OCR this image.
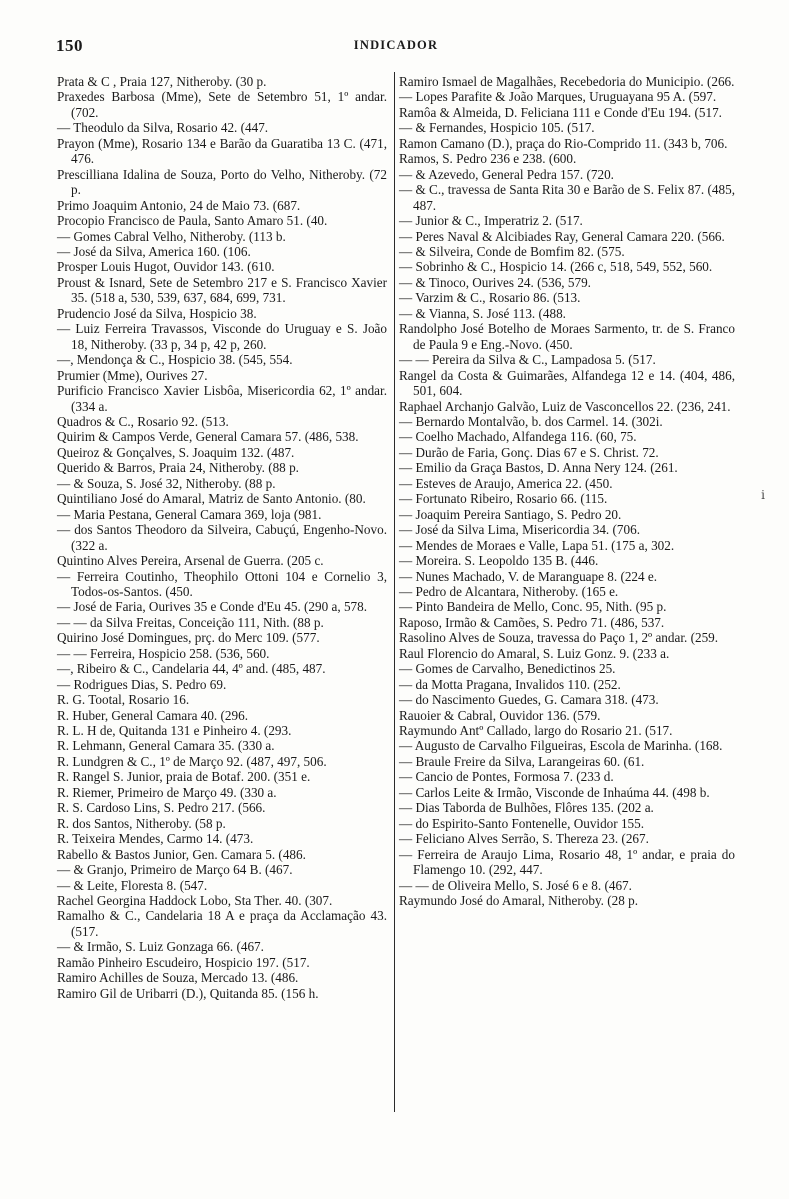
150	INDICADOR

Prata & C , Praia 127, Nitheroby. (30 p.

Praxedes Barbosa (Mme), Sete de Setembro 51, 1º andar. (702.

— Theodulo da Silva, Rosario 42. (447.

Prayon (Mme), Rosario 134 e Barão da Guaratiba 13 C. (471, 476.

Prescilliana Idalina de Souza, Porto do Velho, Nitheroby. (72 p.

Primo Joaquim Antonio, 24 de Maio 73. (687.

Procopio Francisco de Paula, Santo Amaro 51. (40.

— Gomes Cabral Velho, Nitheroby. (113 b.

— José da Silva, America 160. (106.

Prosper Louis Hugot, Ouvidor 143. (610.

Proust & Isnard, Sete de Setembro 217 e S. Francisco Xavier 35. (518 a, 530, 539, 637, 684, 699, 731.

Prudencio José da Silva, Hospicio 38.

— Luiz Ferreira Travassos, Visconde do Uruguay e S. João 18, Nitheroby. (33 p, 34 p, 42 p, 260.

—, Mendonça & C., Hospicio 38. (545, 554.

Prumier (Mme), Ourives 27.

Purificio Francisco Xavier Lisbôa, Misericordia 62, 1º andar. (334 a.

Quadros & C., Rosario 92. (513.

Quirim & Campos Verde, General Camara 57. (486, 538.

Queiroz & Gonçalves, S. Joaquim 132. (487.

Querido & Barros, Praia 24, Nitheroby. (88 p.

— & Souza, S. José 32, Nitheroby. (88 p.

Quintiliano José do Amaral, Matriz de Santo Antonio. (80.

— Maria Pestana, General Camara 369, loja (981.

— dos Santos Theodoro da Silveira, Cabuçú, Engenho-Novo. (322 a.

Quintino Alves Pereira, Arsenal de Guerra. (205 c.

— Ferreira Coutinho, Theophilo Ottoni 104 e Cornelio 3, Todos-os-Santos. (450.

— José de Faria, Ourives 35 e Conde d'Eu 45. (290 a, 578.

— — da Silva Freitas, Conceição 111, Nith. (88 p.

Quirino José Domingues, prç. do Merc 109. (577.

— — Ferreira, Hospicio 258. (536, 560.

—, Ribeiro & C., Candelaria 44, 4º and. (485, 487.

— Rodrigues Dias, S. Pedro 69.

R. G. Tootal, Rosario 16.

R. Huber, General Camara 40. (296.

R. L. H de, Quitanda 131 e Pinheiro 4. (293.

R. Lehmann, General Camara 35. (330 a.

R. Lundgren & C., 1º de Março 92. (487, 497, 506.

R. Rangel S. Junior, praia de Botaf. 200. (351 e.

R. Riemer, Primeiro de Março 49. (330 a.

R. S. Cardoso Lins, S. Pedro 217. (566.

R. dos Santos, Nitheroby. (58 p.

R. Teixeira Mendes, Carmo 14. (473.

Rabello & Bastos Junior, Gen. Camara 5. (486.

— & Granjo, Primeiro de Março 64 B. (467.

— & Leite, Floresta 8. (547.

Rachel Georgina Haddock Lobo, Sta Ther. 40. (307.

Ramalho & C., Candelaria 18 A e praça da Acclamação 43. (517.

— & Irmão, S. Luiz Gonzaga 66. (467.

Ramão Pinheiro Escudeiro, Hospicio 197. (517.

Ramiro Achilles de Souza, Mercado 13. (486.

Ramiro Gil de Uribarri (D.), Quitanda 85. (156 h.

Ramiro Ismael de Magalhães, Recebedoria do Municipio. (266.

— Lopes Parafite & João Marques, Uruguayana 95 A. (597.

Ramôa & Almeida, D. Feliciana 111 e Conde d'Eu 194. (517.

— & Fernandes, Hospicio 105. (517.

Ramon Camano (D.), praça do Rio-Comprido 11. (343 b, 706.

Ramos, S. Pedro 236 e 238. (600.

— & Azevedo, General Pedra 157. (720.

— & C., travessa de Santa Rita 30 e Barão de S. Felix 87. (485, 487.

— Junior & C., Imperatriz 2. (517.

— Peres Naval & Alcibiades Ray, General Camara 220. (566.

— & Silveira, Conde de Bomfim 82. (575.

— Sobrinho & C., Hospicio 14. (266 c, 518, 549, 552, 560.

— & Tinoco, Ourives 24. (536, 579.

— Varzim & C., Rosario 86. (513.

— & Vianna, S. José 113. (488.

Randolpho José Botelho de Moraes Sarmento, tr. de S. Franco de Paula 9 e Eng.-Novo. (450.

— — Pereira da Silva & C., Lampadosa 5. (517.

Rangel da Costa & Guimarães, Alfandega 12 e 14. (404, 486, 501, 604.

Raphael Archanjo Galvão, Luiz de Vasconcellos 22. (236, 241.

— Bernardo Montalvão, b. dos Carmel. 14. (302i.

— Coelho Machado, Alfandega 116. (60, 75.

— Durão de Faria, Gonç. Dias 67 e S. Christ. 72.

— Emilio da Graça Bastos, D. Anna Nery 124. (261.

— Esteves de Araujo, America 22. (450.

— Fortunato Ribeiro, Rosario 66. (115.

— Joaquim Pereira Santiago, S. Pedro 20.

— José da Silva Lima, Misericordia 34. (706.

— Mendes de Moraes e Valle, Lapa 51. (175 a, 302.

— Moreira. S. Leopoldo 135 B. (446.

— Nunes Machado, V. de Maranguape 8. (224 e.

— Pedro de Alcantara, Nitheroby. (165 e.

— Pinto Bandeira de Mello, Conc. 95, Nith. (95 p.

Raposo, Irmão & Camões, S. Pedro 71. (486, 537.

Rasolino Alves de Souza, travessa do Paço 1, 2º andar. (259.

Raul Florencio do Amaral, S. Luiz Gonz. 9. (233 a.

— Gomes de Carvalho, Benedictinos 25.

— da Motta Pragana, Invalidos 110. (252.

— do Nascimento Guedes, G. Camara 318. (473.

Rauoier & Cabral, Ouvidor 136. (579.

Raymundo Antº Callado, largo do Rosario 21. (517.

— Augusto de Carvalho Filgueiras, Escola de Marinha. (168.

— Braule Freire da Silva, Larangeiras 60. (61.

— Cancio de Pontes, Formosa 7. (233 d.

— Carlos Leite & Irmão, Visconde de Inhaúma 44. (498 b.

— Dias Taborda de Bulhões, Flôres 135. (202 a.

— do Espirito-Santo Fontenelle, Ouvidor 155.

— Feliciano Alves Serrão, S. Thereza 23. (267.

— Ferreira de Araujo Lima, Rosario 48, 1º andar, e praia do Flamengo 10. (292, 447.

— — de Oliveira Mello, S. José 6 e 8. (467.

Raymundo José do Amaral, Nitheroby. (28 p.

i
